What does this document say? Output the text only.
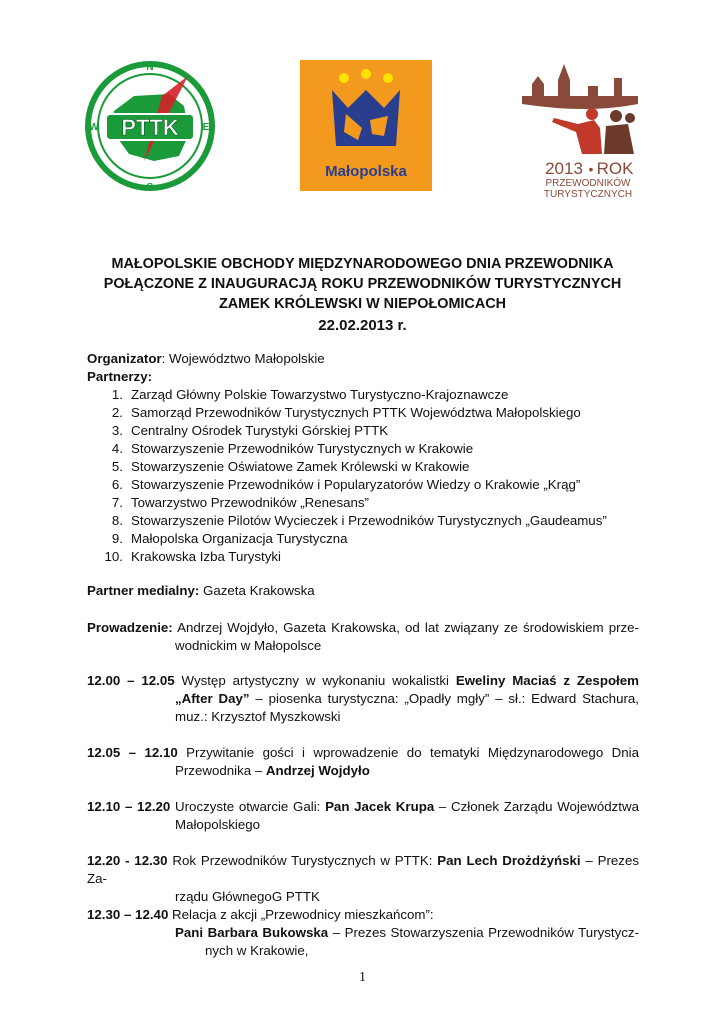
PTTK
N
E
S
W
Małopolska	2013 • ROK
PRZEWODNIKÓW
TURYSTYCZNYCH
MAŁOPOLSKIE OBCHODY MIĘDZYNARODOWEGO DNIA PRZEWODNIKA
POŁĄCZONE Z INAUGURACJĄ ROKU PRZEWODNIKÓW TURYSTYCZNYCH
ZAMEK KRÓLEWSKI W NIEPOŁOMICACH
22.02.2013 r.
Organizator: Województwo Małopolskie
Partnerzy:
1. Zarząd Główny Polskie Towarzystwo Turystyczno-Krajoznawcze
2. Samorząd Przewodników Turystycznych PTTK Województwa Małopolskiego
3. Centralny Ośrodek Turystyki Górskiej PTTK
4. Stowarzyszenie Przewodników Turystycznych w Krakowie
5. Stowarzyszenie Oświatowe Zamek Królewski w Krakowie
6. Stowarzyszenie Przewodników i Popularyzatorów Wiedzy o Krakowie „Krąg”
7. Towarzystwo Przewodników „Renesans”
8. Stowarzyszenie Pilotów Wycieczek i Przewodników Turystycznych „Gaudeamus”
9. Małopolska Organizacja Turystyczna
10. Krakowska Izba Turystyki
Partner medialny: Gazeta Krakowska
Prowadzenie: Andrzej Wojdyło, Gazeta Krakowska, od lat związany ze środowiskiem prze-
wodnickim w Małopolsce
12.00 – 12.05 Występ artystyczny w wykonaniu wokalistki Eweliny Maciaś z Zespołem
„After Day” – piosenka turystyczna: „Opadły mgły” – sł.: Edward Stachura,
muz.: Krzysztof Myszkowski
12.05 – 12.10 Przywitanie gości i wprowadzenie do tematyki Międzynarodowego Dnia
Przewodnika – Andrzej Wojdyło
12.10 – 12.20 Uroczyste otwarcie Gali: Pan Jacek Krupa – Członek Zarządu Województwa
Małopolskiego
12.20 - 12.30 Rok Przewodników Turystycznych w PTTK: Pan Lech Drożdżyński – Prezes Za-
rządu GłównegoG PTTK
12.30 – 12.40 Relacja z akcji „Przewodnicy mieszkańcom”:
Pani Barbara Bukowska – Prezes Stowarzyszenia Przewodników Turystycz-
nych w Krakowie,
1
